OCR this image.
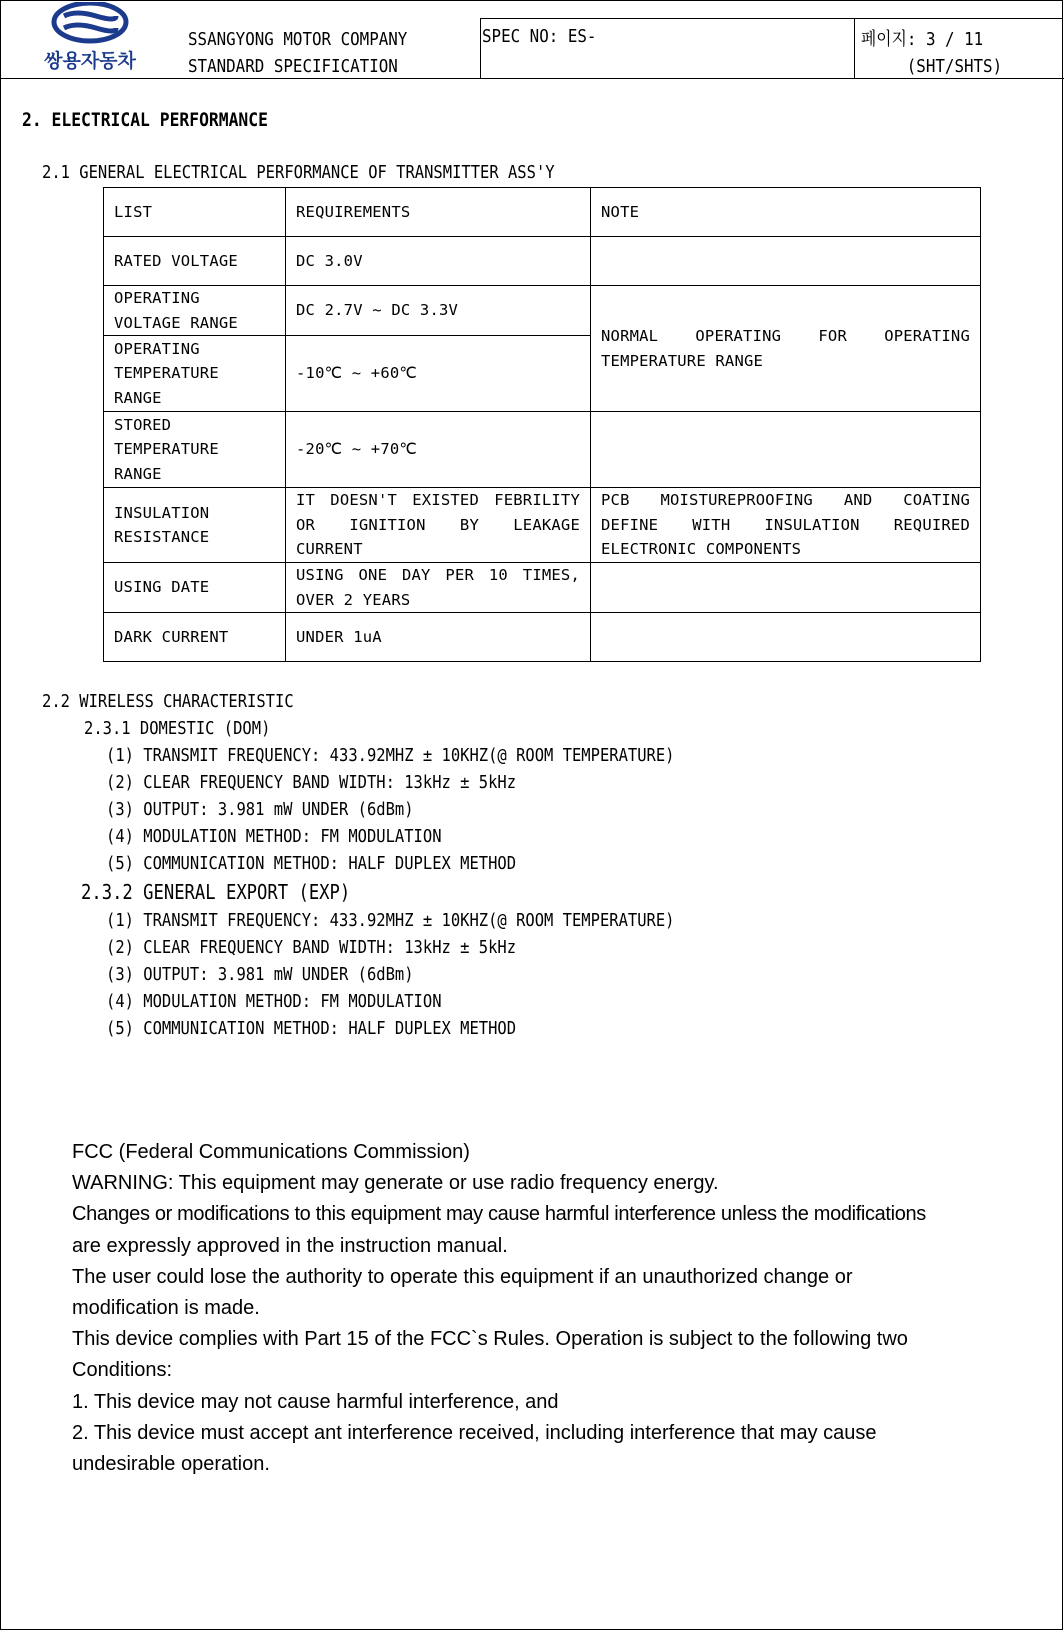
쌍용자동차
SSANGYONG MOTOR COMPANY
STANDARD SPECIFICATION
SPEC NO: ES-	페이지: 3 / 11
(SHT/SHTS)
2. ELECTRICAL PERFORMANCE
2.1 GENERAL ELECTRICAL PERFORMANCE OF TRANSMITTER ASS'Y
LIST	REQUIREMENTS	NOTE
RATED VOLTAGE	DC 3.0V	
OPERATING VOLTAGE RANGE	DC 2.7V ~ DC 3.3V	NORMAL OPERATING FOR OPERATING TEMPERATURE RANGE
OPERATING TEMPERATURE RANGE	-10℃ ~ +60℃	
STORED TEMPERATURE RANGE	-20℃ ~ +70℃	
INSULATION RESISTANCE	IT DOESN'T EXISTED FEBRILITY OR IGNITION BY LEAKAGE CURRENT	PCB MOISTUREPROOFING AND COATING DEFINE WITH INSULATION REQUIRED ELECTRONIC COMPONENTS
USING DATE	USING ONE DAY PER 10 TIMES, OVER 2 YEARS	
DARK CURRENT	UNDER 1uA	
2.2 WIRELESS CHARACTERISTIC
2.3.1 DOMESTIC (DOM)
(1) TRANSMIT FREQUENCY: 433.92MHZ ± 10KHZ(@ ROOM TEMPERATURE)
(2) CLEAR FREQUENCY BAND WIDTH: 13kHz ± 5kHz
(3) OUTPUT: 3.981 mW UNDER (6dBm)
(4) MODULATION METHOD: FM MODULATION
(5) COMMUNICATION METHOD: HALF DUPLEX METHOD
2.3.2 GENERAL EXPORT (EXP)
(1) TRANSMIT FREQUENCY: 433.92MHZ ± 10KHZ(@ ROOM TEMPERATURE)
(2) CLEAR FREQUENCY BAND WIDTH: 13kHz ± 5kHz
(3) OUTPUT: 3.981 mW UNDER (6dBm)
(4) MODULATION METHOD: FM MODULATION
(5) COMMUNICATION METHOD: HALF DUPLEX METHOD
FCC (Federal Communications Commission)
WARNING: This equipment may generate or use radio frequency energy.
Changes or modifications to this equipment may cause harmful interference unless the modifications
are expressly approved in the instruction manual.
The user could lose the authority to operate this equipment if an unauthorized change or
modification is made.
This device complies with Part 15 of the FCC`s Rules. Operation is subject to the following two
Conditions:
1. This device may not cause harmful interference, and
2. This device must accept ant interference received, including interference that may cause
undesirable operation.
